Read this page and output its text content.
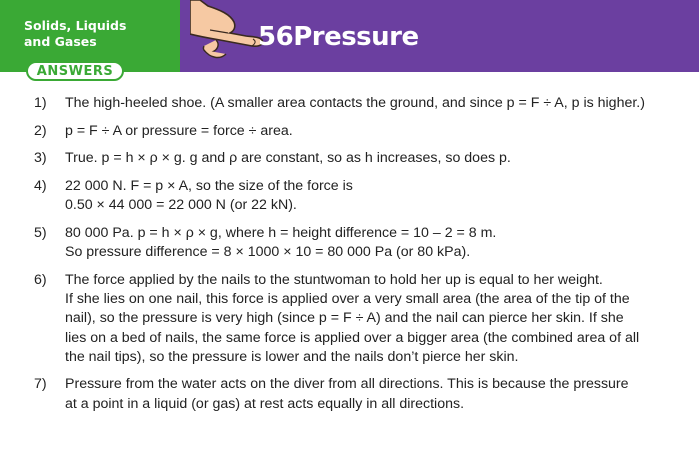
Solids, Liquids
and Gases	56Pressure
ANSWERS
1)	The high-heeled shoe. (A smaller area contacts the ground, and since p = F ÷ A, p is higher.)
2)	p = F ÷ A or pressure = force ÷ area.
3)	True. p = h × ρ × g. g and ρ are constant, so as h increases, so does p.
4)	22 000 N. F = p × A, so the size of the force is
0.50 × 44 000 = 22 000 N (or 22 kN).
5)	80 000 Pa. p = h × ρ × g, where h = height difference = 10 – 2 = 8 m.
So pressure difference = 8 × 1000 × 10 = 80 000 Pa (or 80 kPa).
6)	The force applied by the nails to the stuntwoman to hold her up is equal to her weight.
If she lies on one nail, this force is applied over a very small area (the area of the tip of the
nail), so the pressure is very high (since p = F ÷ A) and the nail can pierce her skin. If she
lies on a bed of nails, the same force is applied over a bigger area (the combined area of all
the nail tips), so the pressure is lower and the nails don’t pierce her skin.
7)	Pressure from the water acts on the diver from all directions. This is because the pressure
at a point in a liquid (or gas) at rest acts equally in all directions.
